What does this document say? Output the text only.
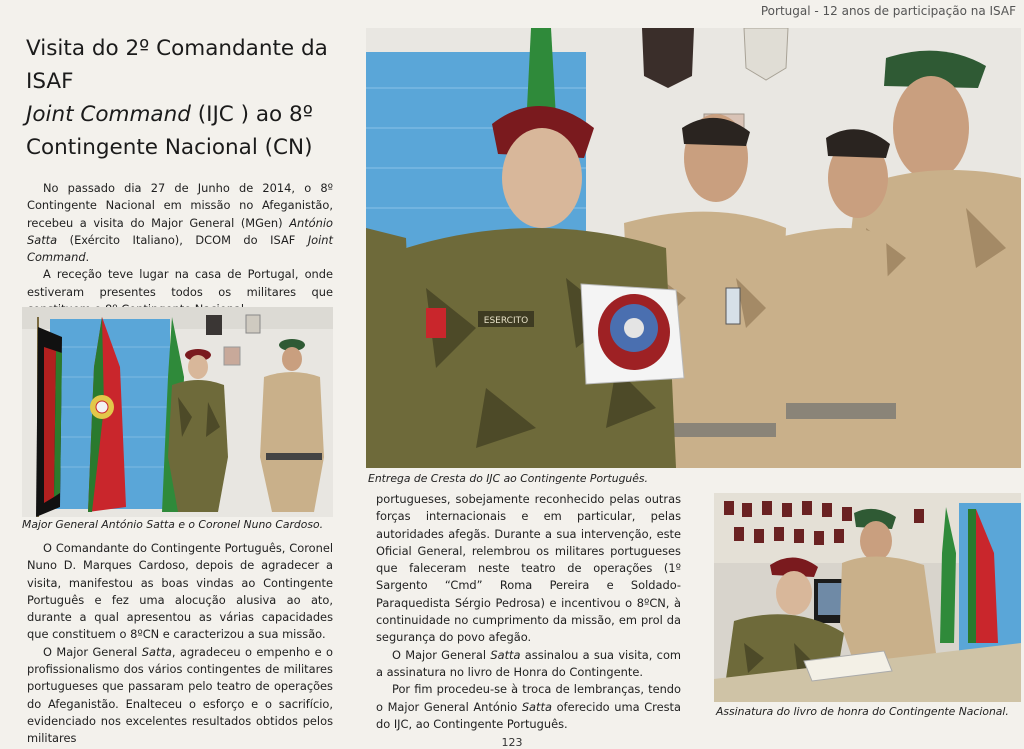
Portugal - 12 anos de participação na ISAF
Visita do 2º Comandante da ISAF
Joint Command (IJC ) ao 8º
Contingente Nacional (CN)

No passado dia 27 de Junho de 2014, o 8º Contingente Nacional em missão no Afeganistão, recebeu a visita do Major General (MGen) António Satta (Exército Italiano), DCOM do ISAF Joint Command.

A receção teve lugar na casa de Portugal, onde estiveram presentes todos os militares que

Major General António Satta e o Coronel Nuno Cardoso.

O Comandante do Contingente Português, Coronel Nuno D. Marques Cardoso, depois de agradecer a visita, manifestou as boas vindas ao Contingente Português e fez uma alocução alusiva ao ato, durante a qual apresentou as várias capacidades que constituem o 8ºCN e caracterizou a sua missão.

O Major General Satta, agradeceu o empenho e o profissionalismo dos vários contingentes de militares portugueses que passaram pelo teatro de operações do Afeganistão. Enalteceu o esforço e o sacrifício, evidenciado nos excelentes resultados obtidos pelos militares

ESERCITO
Entrega de Cresta do IJC ao Contingente Português.

portugueses, sobejamente reconhecido pelas outras forças internacionais e em particular, pelas autoridades afegãs. Durante a sua intervenção, este Oficial General, relembrou os militares portugueses que faleceram neste teatro de operações (1º Sargento “Cmd” Roma Pereira e Soldado-Paraquedista Sérgio Pedrosa) e incentivou o 8ºCN, à continuidade no cumprimento da missão, em prol da segurança do povo afegão.

O Major General Satta assinalou a sua visita, com a assinatura no livro de Honra do Contingente.

Por fim procedeu-se à troca de lembranças, tendo o Major General António Satta oferecido uma Cresta do IJC, ao Contingente Português.

Assinatura do livro de honra do Contingente Nacional.
123
